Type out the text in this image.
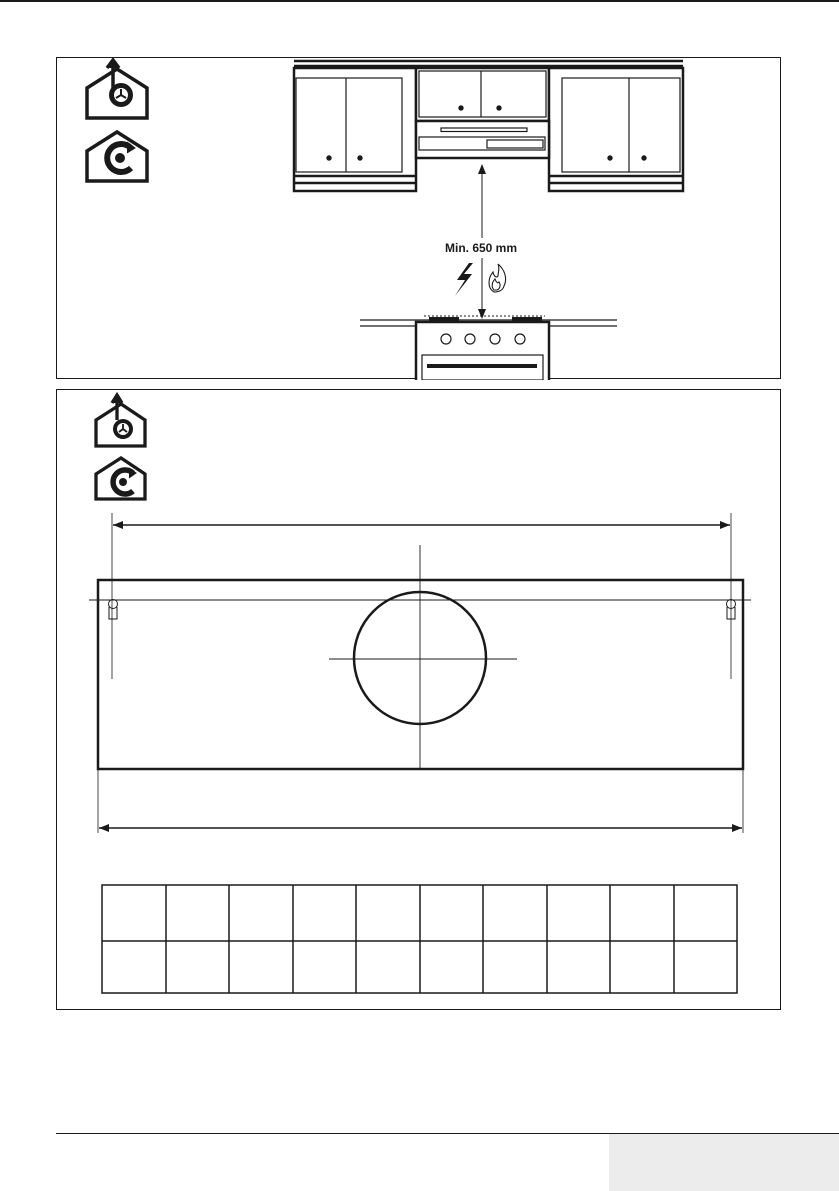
Min. 650 mm
